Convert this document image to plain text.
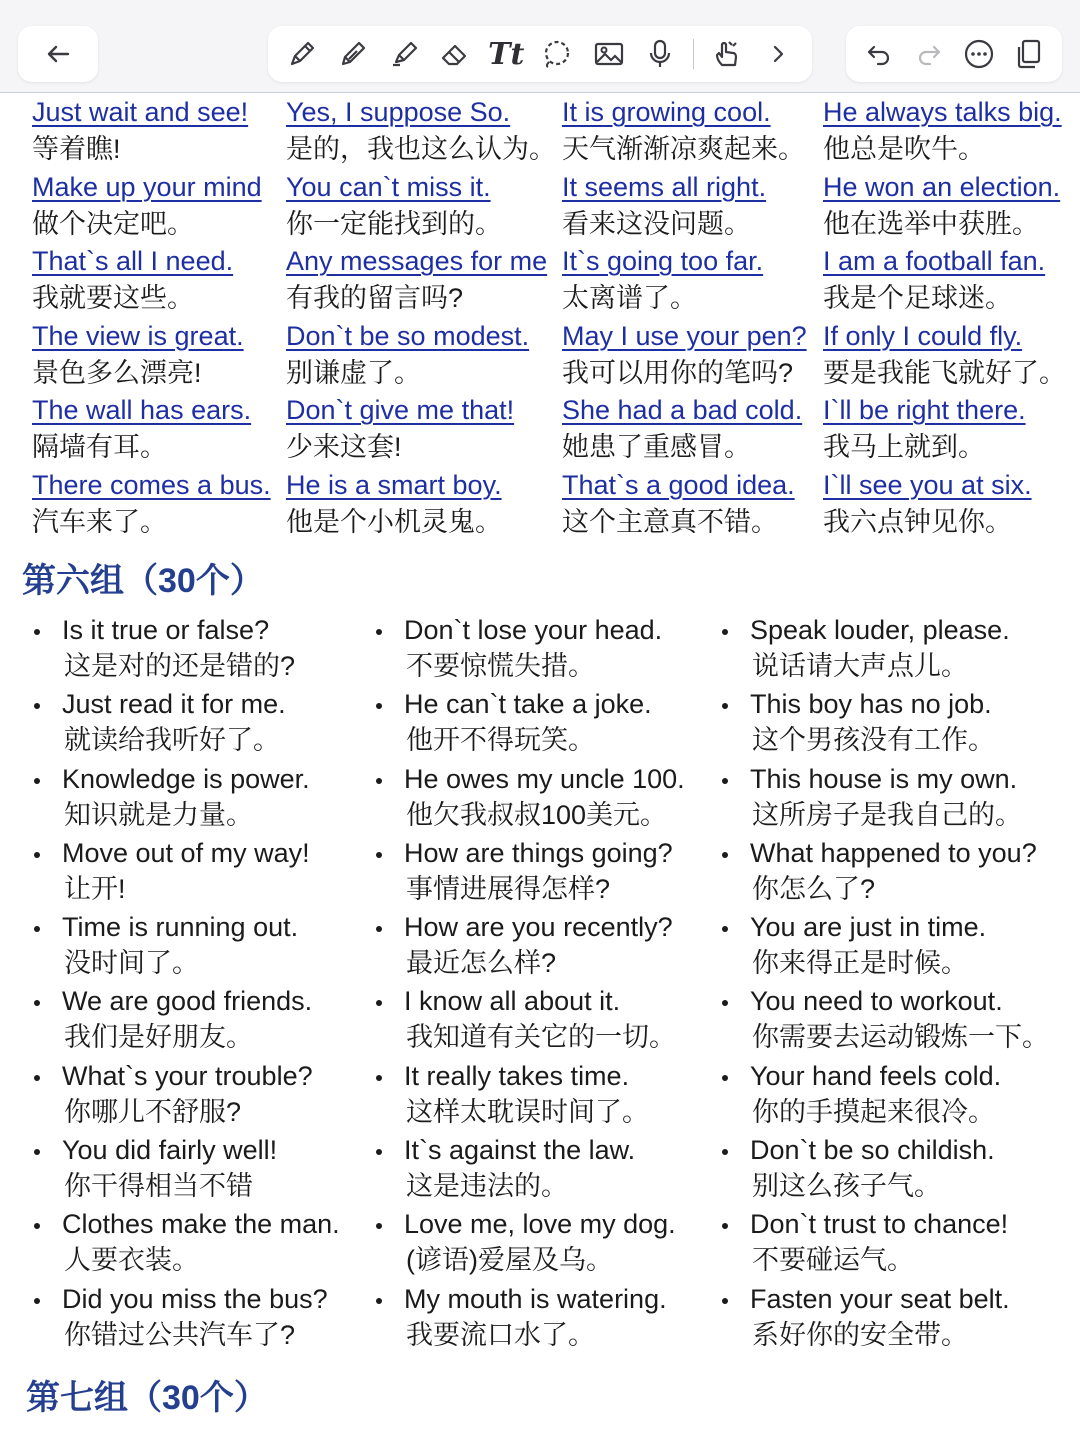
Tt
Just wait and see!
等着瞧!
Yes, I suppose So.
是的，我也这么认为。
It is growing cool.
天气渐渐凉爽起来。
He always talks big.
他总是吹牛。
Make up your mind
做个决定吧。
You can`t miss it.
你一定能找到的。
It seems all right.
看来这没问题。
He won an election.
他在选举中获胜。
That`s all I need.
我就要这些。
Any messages for me
有我的留言吗?
It`s going too far.
太离谱了。
I am a football fan.
我是个足球迷。
The view is great.
景色多么漂亮!
Don`t be so modest.
别谦虚了。
May I use your pen?
我可以用你的笔吗?
If only I could fly.
要是我能飞就好了。
The wall has ears.
隔墙有耳。
Don`t give me that!
少来这套!
She had a bad cold.
她患了重感冒。
I`ll be right there.
我马上就到。
There comes a bus.
汽车来了。
He is a smart boy.
他是个小机灵鬼。
That`s a good idea.
这个主意真不错。
I`ll see you at six.
我六点钟见你。
第六组（30个）
Is it true or false?
这是对的还是错的?
Just read it for me.
就读给我听好了。
Knowledge is power.
知识就是力量。
Move out of my way!
让开!
Time is running out.
没时间了。
We are good friends.
我们是好朋友。
What`s your trouble?
你哪儿不舒服?
You did fairly well!
你干得相当不错
Clothes make the man.
人要衣装。
Did you miss the bus?
你错过公共汽车了?
Don`t lose your head.
不要惊慌失措。
He can`t take a joke.
他开不得玩笑。
He owes my uncle 100.
他欠我叔叔100美元。
How are things going?
事情进展得怎样?
How are you recently?
最近怎么样?
I know all about it.
我知道有关它的一切。
It really takes time.
这样太耽误时间了。
It`s against the law.
这是违法的。
Love me, love my dog.
(谚语)爱屋及乌。
My mouth is watering.
我要流口水了。
Speak louder, please.
说话请大声点儿。
This boy has no job.
这个男孩没有工作。
This house is my own.
这所房子是我自己的。
What happened to you?
你怎么了?
You are just in time.
你来得正是时候。
You need to workout.
你需要去运动锻炼一下。
Your hand feels cold.
你的手摸起来很冷。
Don`t be so childish.
别这么孩子气。
Don`t trust to chance!
不要碰运气。
Fasten your seat belt.
系好你的安全带。
第七组（30个）
